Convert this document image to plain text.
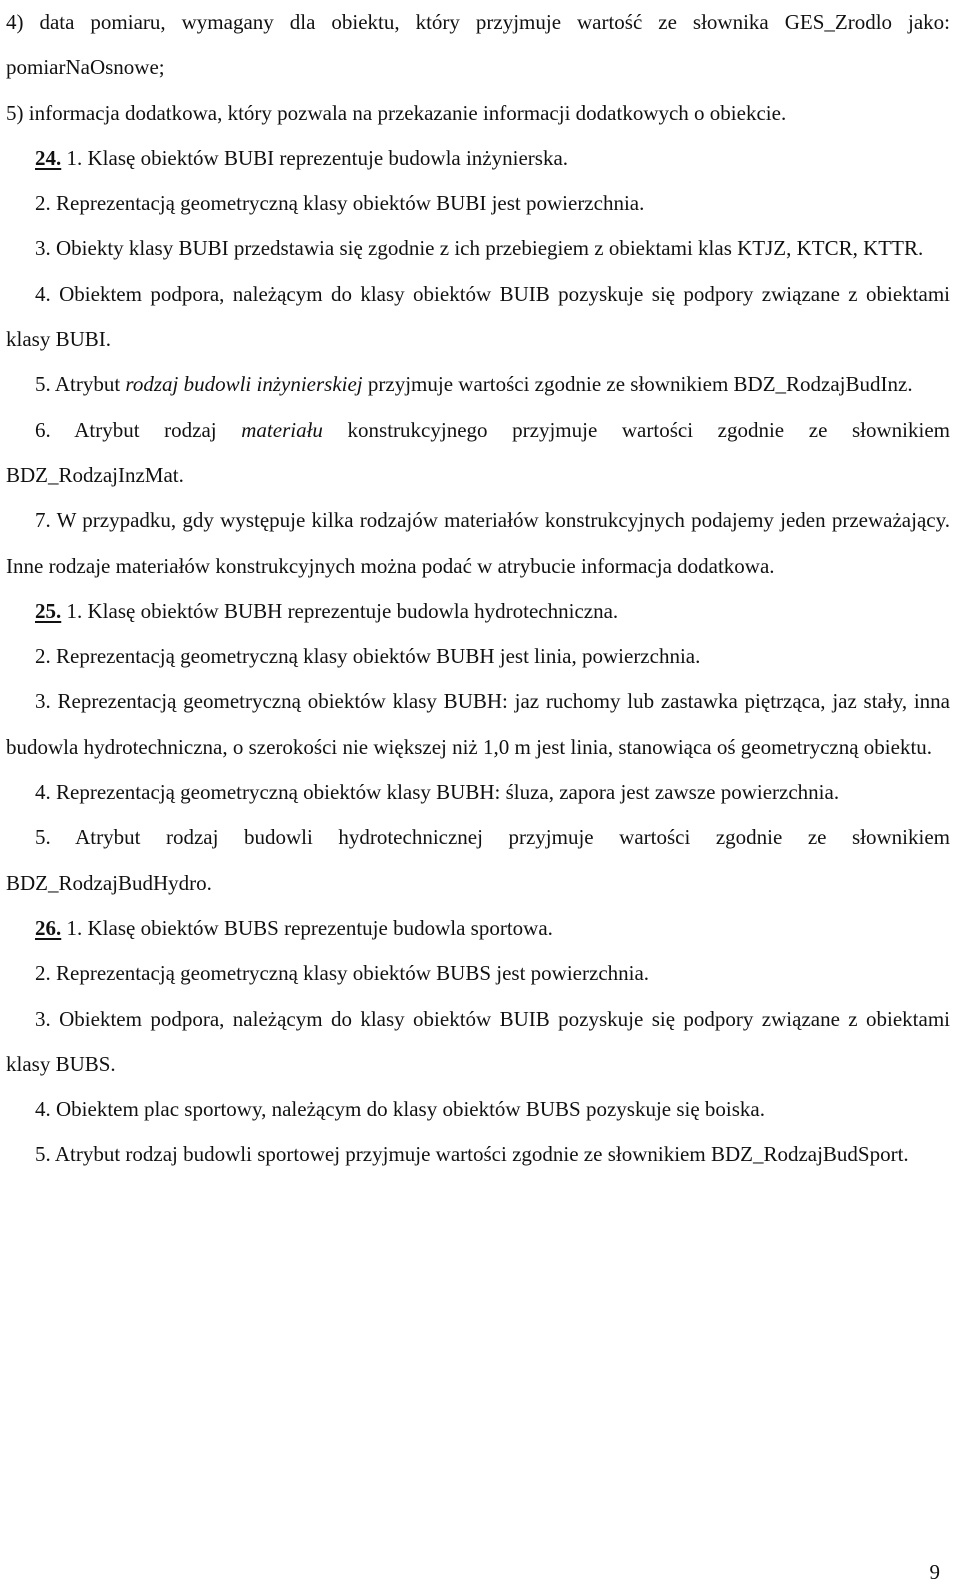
4) data pomiaru, wymagany dla obiektu, który przyjmuje wartość ze słownika GES_Zrodlo jako: pomiarNaOsnowe;

5) informacja dodatkowa, który pozwala na przekazanie informacji dodatkowych o obiekcie.

24. 1. Klasę obiektów BUBI reprezentuje budowla inżynierska.

2. Reprezentacją geometryczną klasy obiektów BUBI jest powierzchnia.

3. Obiekty klasy BUBI przedstawia się zgodnie z ich przebiegiem z obiektami klas KTJZ, KTCR, KTTR.

4. Obiektem podpora, należącym do klasy obiektów BUIB pozyskuje się podpory związane z obiektami klasy BUBI.

5. Atrybut rodzaj budowli inżynierskiej przyjmuje wartości zgodnie ze słownikiem BDZ_RodzajBudInz.

6. Atrybut rodzaj materiału konstrukcyjnego przyjmuje wartości zgodnie ze słownikiem BDZ_RodzajInzMat.

7. W przypadku, gdy występuje kilka rodzajów materiałów konstrukcyjnych podajemy jeden przeważający. Inne rodzaje materiałów konstrukcyjnych można podać w atrybucie informacja dodatkowa.

25. 1. Klasę obiektów BUBH reprezentuje budowla hydrotechniczna.

2. Reprezentacją geometryczną klasy obiektów BUBH jest linia, powierzchnia.

3. Reprezentacją geometryczną obiektów klasy BUBH: jaz ruchomy lub zastawka piętrząca, jaz stały, inna budowla hydrotechniczna, o szerokości nie większej niż 1,0 m jest linia, stanowiąca oś geometryczną obiektu.

4. Reprezentacją geometryczną obiektów klasy BUBH: śluza, zapora jest zawsze powierzchnia.

5. Atrybut rodzaj budowli hydrotechnicznej przyjmuje wartości zgodnie ze słownikiem BDZ_RodzajBudHydro.

26. 1. Klasę obiektów BUBS reprezentuje budowla sportowa.

2. Reprezentacją geometryczną klasy obiektów BUBS jest powierzchnia.

3. Obiektem podpora, należącym do klasy obiektów BUIB pozyskuje się podpory związane z obiektami klasy BUBS.

4. Obiektem plac sportowy, należącym do klasy obiektów BUBS pozyskuje się boiska.

5. Atrybut rodzaj budowli sportowej przyjmuje wartości zgodnie ze słownikiem BDZ_RodzajBudSport.

9
